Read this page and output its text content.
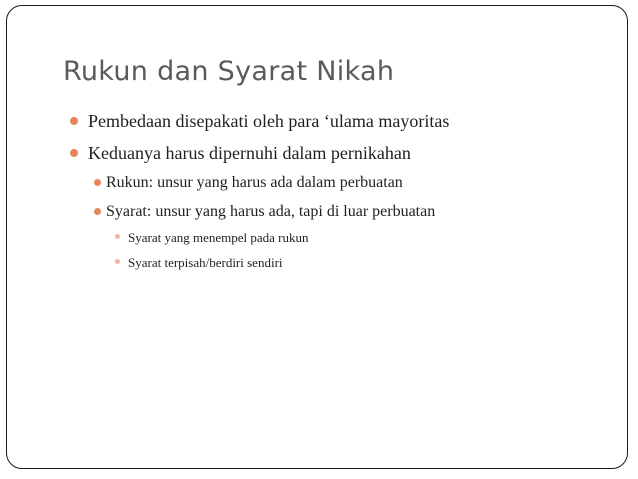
Rukun dan Syarat Nikah
Pembedaan disepakati oleh para ‘ulama mayoritas
Keduanya harus dipernuhi dalam pernikahan
Rukun: unsur yang harus ada dalam perbuatan
Syarat: unsur yang harus ada, tapi di luar perbuatan
Syarat yang menempel pada rukun
Syarat terpisah/berdiri sendiri
